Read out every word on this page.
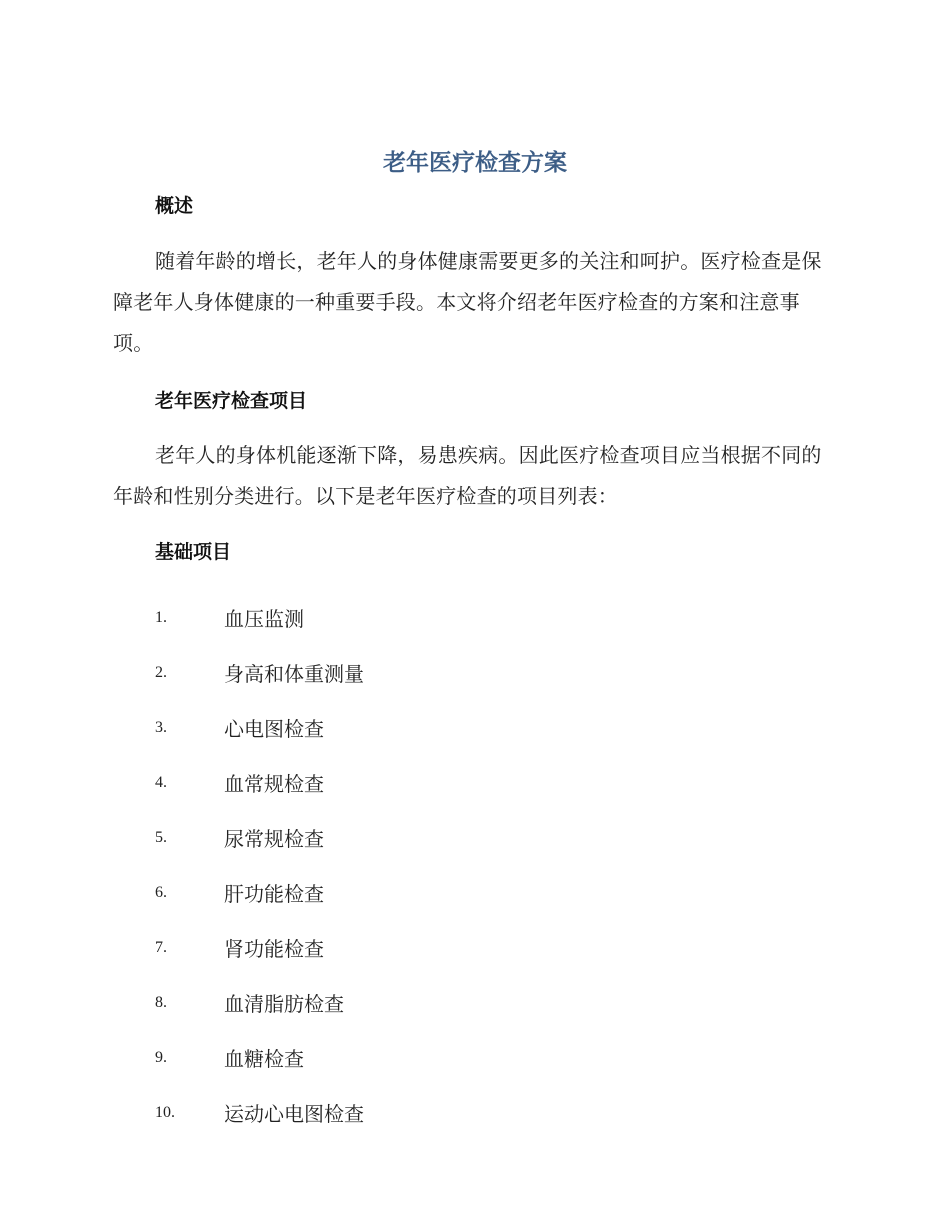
老年医疗检查方案
概述

随着年龄的增长，老年人的身体健康需要更多的关注和呵护。医疗检查是保障老年人身体健康的一种重要手段。本文将介绍老年医疗检查的方案和注意事项。

老年医疗检查项目

老年人的身体机能逐渐下降，易患疾病。因此医疗检查项目应当根据不同的年龄和性别分类进行。以下是老年医疗检查的项目列表：

基础项目
1.	血压监测
2.	身高和体重测量
3.	心电图检查
4.	血常规检查
5.	尿常规检查
6.	肝功能检查
7.	肾功能检查
8.	血清脂肪检查
9.	血糖检查
10.	运动心电图检查
